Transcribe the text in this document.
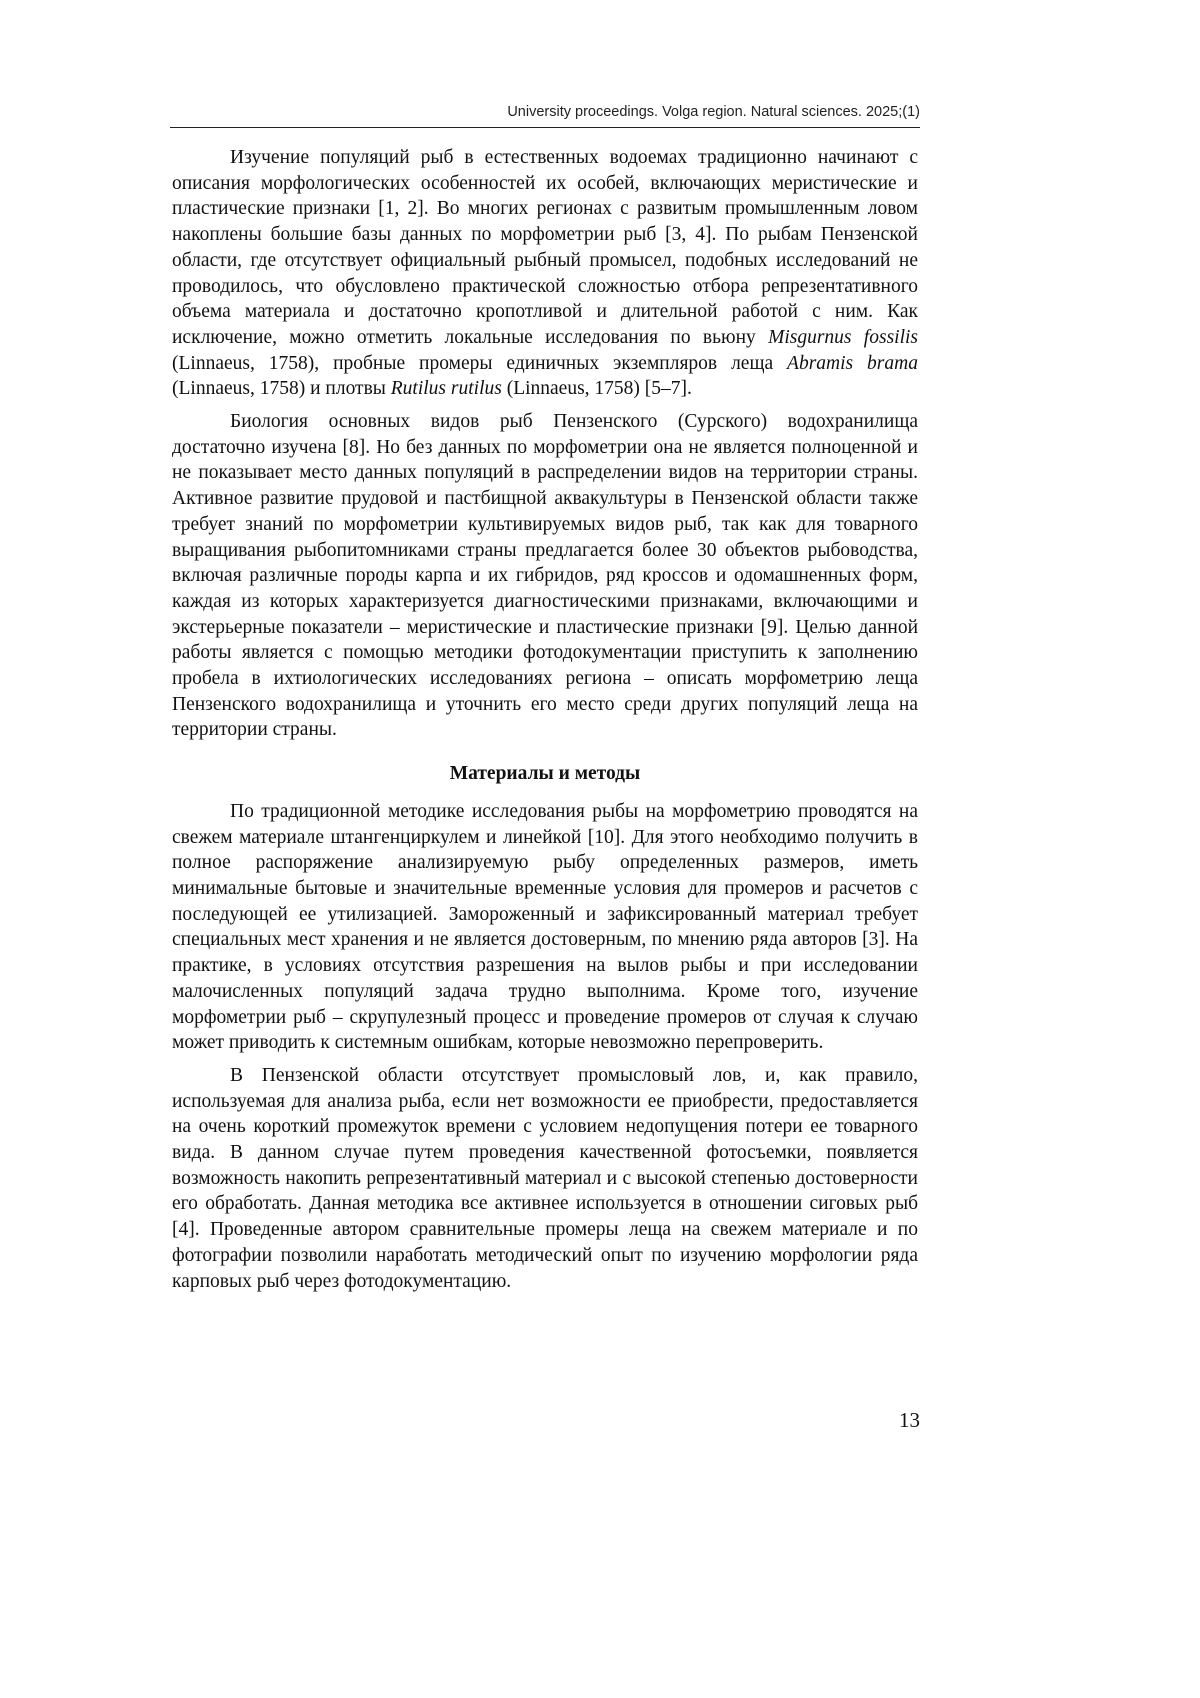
University proceedings. Volga region. Natural sciences. 2025;(1)

Изучение популяций рыб в естественных водоемах традиционно начинают с описания морфологических особенностей их особей, включающих меристические и пластические признаки [1, 2]. Во многих регионах с развитым промышленным ловом накоплены большие базы данных по морфометрии рыб [3, 4]. По рыбам Пензенской области, где отсутствует официальный рыбный промысел, подобных исследований не проводилось, что обусловлено практической сложностью отбора репрезентативного объема материала и достаточно кропотливой и длительной работой с ним. Как исключение, можно отметить локальные исследования по вьюну Misgurnus fossilis (Linnaeus, 1758), пробные промеры единичных экземпляров леща Abramis brama (Linnaeus, 1758) и плотвы Rutilus rutilus (Linnaeus, 1758) [5–7].

Биология основных видов рыб Пензенского (Сурского) водохранилища достаточно изучена [8]. Но без данных по морфометрии она не является полноценной и не показывает место данных популяций в распределении видов на территории страны. Активное развитие прудовой и пастбищной аквакультуры в Пензенской области также требует знаний по морфометрии культивируемых видов рыб, так как для товарного выращивания рыбопитомниками страны предлагается более 30 объектов рыбоводства, включая различные породы карпа и их гибридов, ряд кроссов и одомашненных форм, каждая из которых характеризуется диагностическими признаками, включающими и экстерьерные показатели – меристические и пластические признаки [9]. Целью данной работы является с помощью методики фотодокументации приступить к заполнению пробела в ихтиологических исследованиях региона – описать морфометрию леща Пензенского водохранилища и уточнить его место среди других популяций леща на территории страны.

Материалы и методы

По традиционной методике исследования рыбы на морфометрию проводятся на свежем материале штангенциркулем и линейкой [10]. Для этого необходимо получить в полное распоряжение анализируемую рыбу определенных размеров, иметь минимальные бытовые и значительные временные условия для промеров и расчетов с последующей ее утилизацией. Замороженный и зафиксированный материал требует специальных мест хранения и не является достоверным, по мнению ряда авторов [3]. На практике, в условиях отсутствия разрешения на вылов рыбы и при исследовании малочисленных популяций задача трудно выполнима. Кроме того, изучение морфометрии рыб – скрупулезный процесс и проведение промеров от случая к случаю может приводить к системным ошибкам, которые невозможно перепроверить.

В Пензенской области отсутствует промысловый лов, и, как правило, используемая для анализа рыба, если нет возможности ее приобрести, предоставляется на очень короткий промежуток времени с условием недопущения потери ее товарного вида. В данном случае путем проведения качественной фотосъемки, появляется возможность накопить репрезентативный материал и с высокой степенью достоверности его обработать. Данная методика все активнее используется в отношении сиговых рыб [4]. Проведенные автором сравнительные промеры леща на свежем материале и по фотографии позволили наработать методический опыт по изучению морфологии ряда карповых рыб через фотодокументацию.

13
